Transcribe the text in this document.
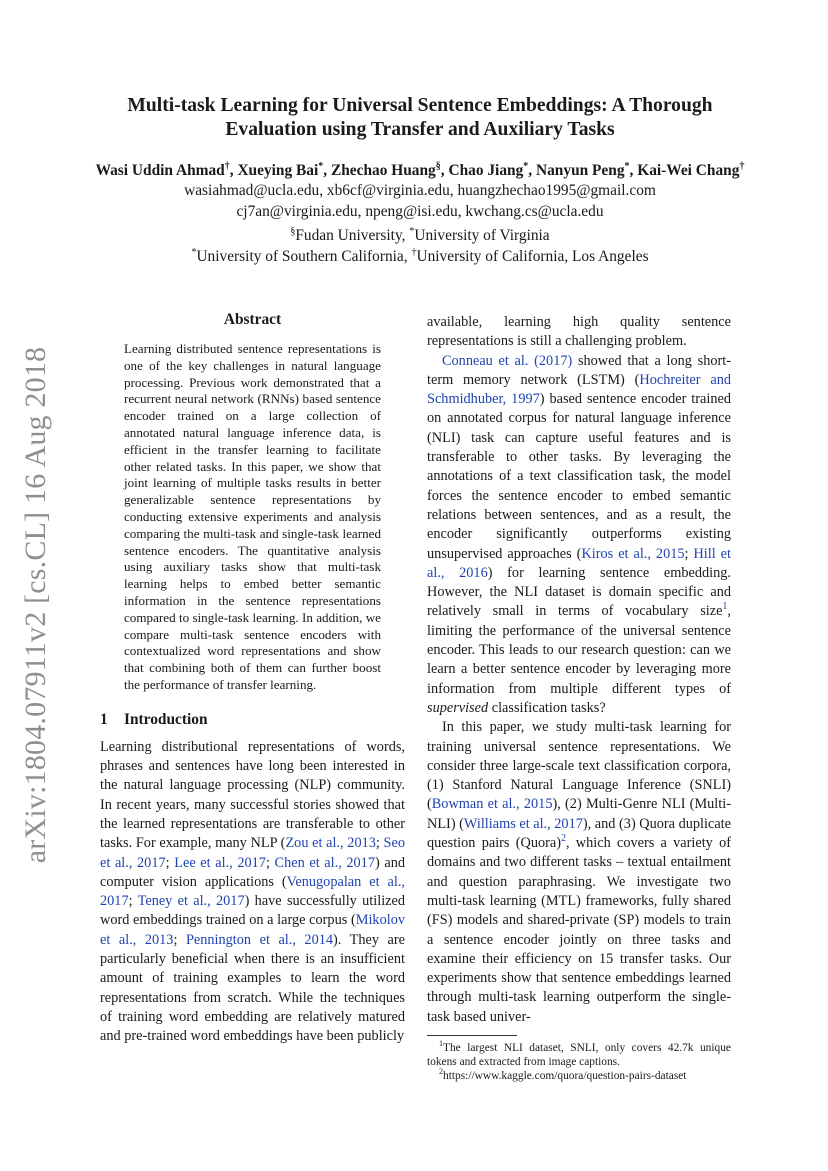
arXiv:1804.07911v2 [cs.CL] 16 Aug 2018
Multi-task Learning for Universal Sentence Embeddings: A Thorough
Evaluation using Transfer and Auxiliary Tasks
Wasi Uddin Ahmad†, Xueying Bai*, Zhechao Huang§, Chao Jiang*, Nanyun Peng*, Kai-Wei Chang†
wasiahmad@ucla.edu, xb6cf@virginia.edu, huangzhechao1995@gmail.com
cj7an@virginia.edu, npeng@isi.edu, kwchang.cs@ucla.edu
§Fudan University, *University of Virginia
*University of Southern California, †University of California, Los Angeles
Abstract

Learning distributed sentence representations is one of the key challenges in natural language processing. Previous work demonstrated that a recurrent neural network (RNNs) based sentence encoder trained on a large collection of annotated natural language inference data, is efficient in the transfer learning to facilitate other related tasks. In this paper, we show that joint learning of multiple tasks results in better generalizable sentence representations by conducting extensive experiments and analysis comparing the multi-task and single-task learned sentence encoders. The quantitative analysis using auxiliary tasks show that multi-task learning helps to embed better semantic information in the sentence representations compared to single-task learning. In addition, we compare multi-task sentence encoders with contextualized word representations and show that combining both of them can further boost the performance of transfer learning.

1 Introduction

Learning distributional representations of words, phrases and sentences have long been interested in the natural language processing (NLP) community. In recent years, many successful stories showed that the learned representations are transferable to other tasks. For example, many NLP (Zou et al., 2013; Seo et al., 2017; Lee et al., 2017; Chen et al., 2017) and computer vision applications (Venugopalan et al., 2017; Teney et al., 2017) have successfully utilized word embeddings trained on a large corpus (Mikolov et al., 2013; Pennington et al., 2014). They are particularly beneficial when there is an insufficient amount of training examples to learn the word representations from scratch. While the techniques of training word embedding are relatively matured and pre-trained word embeddings have been publicly

available, learning high quality sentence representations is still a challenging problem.

Conneau et al. (2017) showed that a long short-term memory network (LSTM) (Hochreiter and Schmidhuber, 1997) based sentence encoder trained on annotated corpus for natural language inference (NLI) task can capture useful features and is transferable to other tasks. By leveraging the annotations of a text classification task, the model forces the sentence encoder to embed semantic relations between sentences, and as a result, the encoder significantly outperforms existing unsupervised approaches (Kiros et al., 2015; Hill et al., 2016) for learning sentence embedding. However, the NLI dataset is domain specific and relatively small in terms of vocabulary size$^1$, limiting the performance of the universal sentence encoder. This leads to our research question: can we learn a better sentence encoder by leveraging more information from multiple different types of supervised classification tasks?

In this paper, we study multi-task learning for training universal sentence representations. We consider three large-scale text classification corpora, (1) Stanford Natural Language Inference (SNLI) (Bowman et al., 2015), (2) Multi-Genre NLI (Multi-NLI) (Williams et al., 2017), and (3) Quora duplicate question pairs (Quora)$^2$, which covers a variety of domains and two different tasks – textual entailment and question paraphrasing. We investigate two multi-task learning (MTL) frameworks, fully shared (FS) models and shared-private (SP) models to train a sentence encoder jointly on three tasks and examine their efficiency on 15 transfer tasks. Our experiments show that sentence embeddings learned through multi-task learning outperform the single-task based univer-

$^1$The largest NLI dataset, SNLI, only covers 42.7k unique tokens and extracted from image captions.

$^2$https://www.kaggle.com/quora/question-pairs-dataset
